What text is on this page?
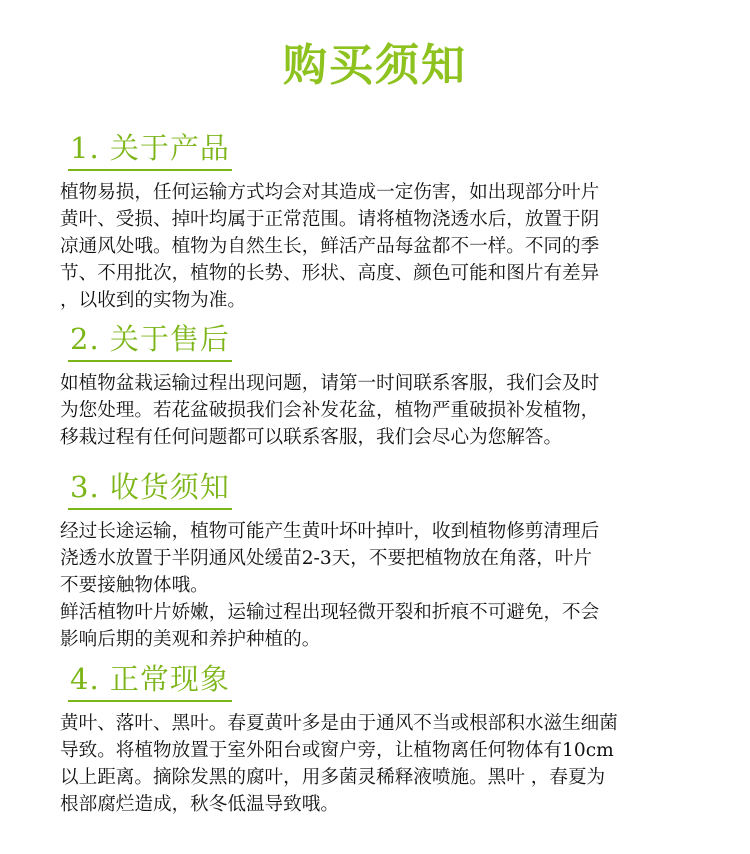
购买须知
1. 关于产品
植物易损，任何运输方式均会对其造成一定伤害，如出现部分叶片
黄叶、受损、掉叶均属于正常范围。请将植物浇透水后，放置于阴
凉通风处哦。植物为自然生长，鲜活产品每盆都不一样。不同的季
节、不用批次，植物的长势、形状、高度、颜色可能和图片有差异
，以收到的实物为准。
2. 关于售后
如植物盆栽运输过程出现问题，请第一时间联系客服，我们会及时
为您处理。若花盆破损我们会补发花盆，植物严重破损补发植物，
移栽过程有任何问题都可以联系客服，我们会尽心为您解答。
3. 收货须知
经过长途运输，植物可能产生黄叶坏叶掉叶，收到植物修剪清理后
浇透水放置于半阴通风处缓苗2-3天，不要把植物放在角落，叶片
不要接触物体哦。
鲜活植物叶片娇嫩，运输过程出现轻微开裂和折痕不可避免，不会
影响后期的美观和养护种植的。
4. 正常现象
黄叶、落叶、黑叶。春夏黄叶多是由于通风不当或根部积水滋生细菌
导致。将植物放置于室外阳台或窗户旁，让植物离任何物体有10cm
以上距离。摘除发黑的腐叶，用多菌灵稀释液喷施。黑叶 ，春夏为
根部腐烂造成，秋冬低温导致哦。
